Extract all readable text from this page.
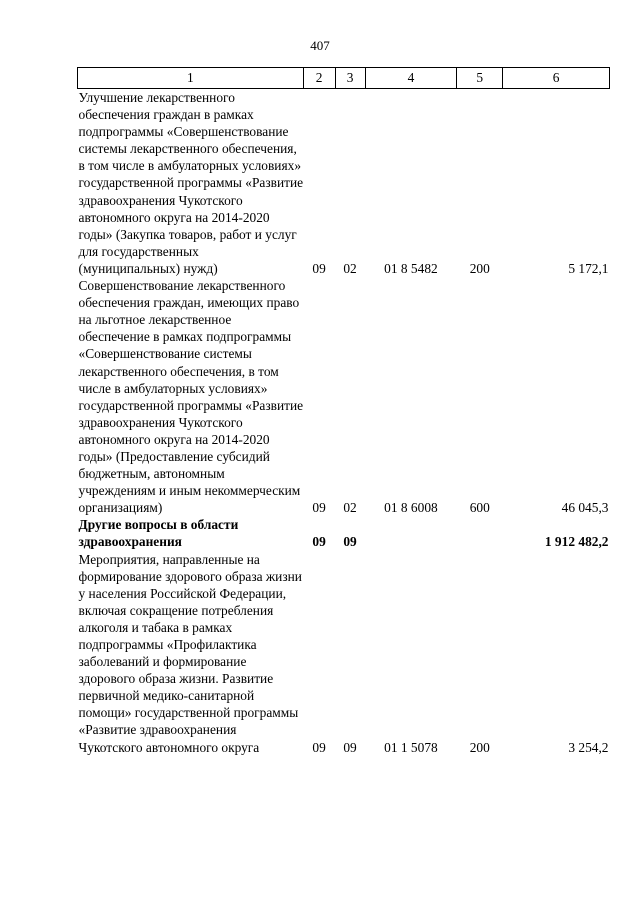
407
1	2	3	4	5	6
Улучшение лекарственного обеспечения граждан в рамках подпрограммы «Совершенствование системы лекарственного обеспечения, в том числе в амбулаторных условиях» государственной программы «Развитие здравоохранения Чукотского автономного округа на 2014-2020 годы» (Закупка товаров, работ и услуг для государственных (муниципальных) нужд)	09	02	01 8 5482	200	5 172,1
Совершенствование лекарственного обеспечения граждан, имеющих право на льготное лекарственное обеспечение в рамках подпрограммы «Совершенствование системы лекарственного обеспечения, в том числе в амбулаторных условиях» государственной программы «Развитие здравоохранения Чукотского автономного округа на 2014-2020 годы» (Предоставление субсидий бюджетным, автономным учреждениям и иным некоммерческим организациям)	09	02	01 8 6008	600	46 045,3
Другие вопросы в области здравоохранения	09	09			1 912 482,2
Мероприятия, направленные на формирование здорового образа жизни у населения Российской Федерации, включая сокращение потребления алкоголя и табака в рамках подпрограммы «Профилактика заболеваний и формирование здорового образа жизни. Развитие первичной медико-санитарной помощи» государственной программы «Развитие здравоохранения Чукотского автономного округа	09	09	01 1 5078	200	3 254,2
